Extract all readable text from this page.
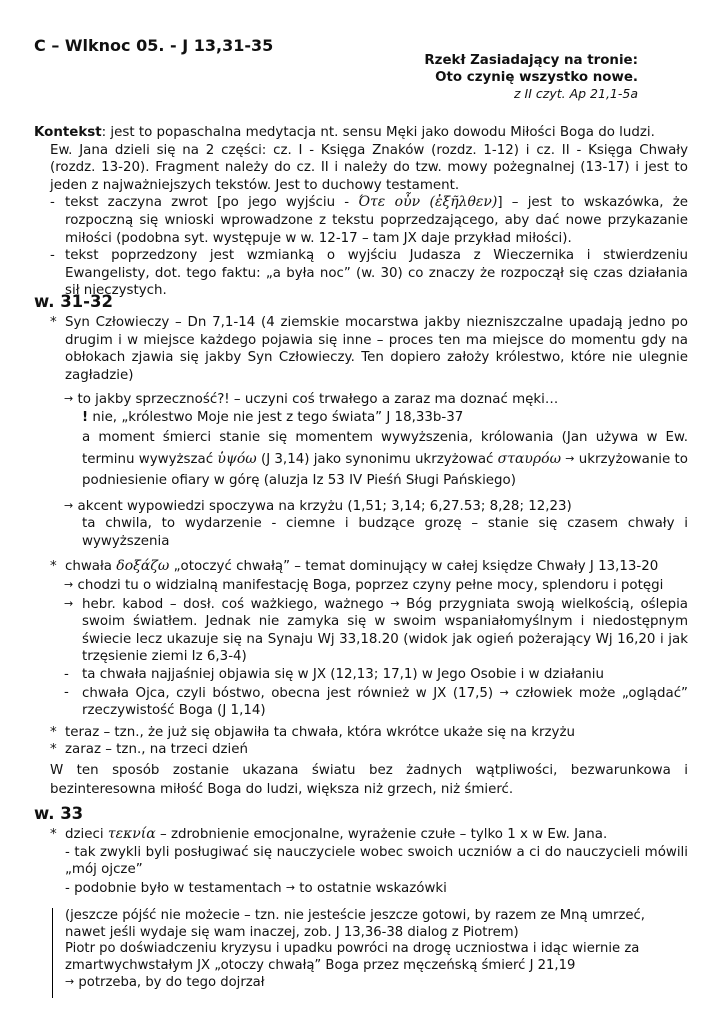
C – Wlknoc 05. - J 13,31-35
Rzekł Zasiadający na tronie:
Oto czynię wszystko nowe.
z II czyt. Ap 21,1-5a
Kontekst: jest to popaschalna medytacja nt. sensu Męki jako dowodu Miłości Boga do ludzi.
Ew. Jana dzieli się na 2 części: cz. I - Księga Znaków (rozdz. 1-12) i cz. II - Księga Chwały (rozdz. 13-20). Fragment należy do cz. II i należy do tzw. mowy pożegnalnej (13-17) i jest to jeden z najważniejszych tekstów. Jest to duchowy testament.
- tekst zaczyna zwrot [po jego wyjściu - Ότε οὖν (ἐξῆλθεν)] – jest to wskazówka, że rozpoczną się wnioski wprowadzone z tekstu poprzedzającego, aby dać nowe przykazanie miłości (podobna syt. występuje w w. 12-17 – tam JX daje przykład miłości).
- tekst poprzedzony jest wzmianką o wyjściu Judasza z Wieczernika i stwierdzeniu Ewangelisty, dot. tego faktu: „a była noc” (w. 30) co znaczy że rozpoczął się czas działania sił nieczystych.
w. 31-32
* Syn Człowieczy – Dn 7,1-14 (4 ziemskie mocarstwa jakby niezniszczalne upadają jedno po drugim i w miejsce każdego pojawia się inne – proces ten ma miejsce do momentu gdy na obłokach zjawia się jakby Syn Człowieczy. Ten dopiero założy królestwo, które nie ulegnie zagładzie)
→ to jakby sprzeczność?! – uczyni coś trwałego a zaraz ma doznać męki…
! nie, „królestwo Moje nie jest z tego świata” J 18,33b-37
a moment śmierci stanie się momentem wywyższenia, królowania (Jan używa w Ew. terminu wywyższać ὑψόω (J 3,14) jako synonimu ukrzyżować σταυρόω → ukrzyżowanie to podniesienie ofiary w górę (aluzja Iz 53 IV Pieśń Sługi Pańskiego)
→ akcent wypowiedzi spoczywa na krzyżu (1,51; 3,14; 6,27.53; 8,28; 12,23)
ta chwila, to wydarzenie - ciemne i budzące grozę – stanie się czasem chwały i wywyższenia
* chwała δοξάζω „otoczyć chwałą” – temat dominujący w całej księdze Chwały J 13,13-20
→ chodzi tu o widzialną manifestację Boga, poprzez czyny pełne mocy, splendoru i potęgi
→ hebr. kabod – dosł. coś ważkiego, ważnego → Bóg przygniata swoją wielkością, oślepia swoim światłem. Jednak nie zamyka się w swoim wspaniałomyślnym i niedostępnym świecie lecz ukazuje się na Synaju Wj 33,18.20 (widok jak ogień pożerający Wj 16,20 i jak trzęsienie ziemi Iz 6,3-4)
- ta chwała najjaśniej objawia się w JX (12,13; 17,1) w Jego Osobie i w działaniu
- chwała Ojca, czyli bóstwo, obecna jest również w JX (17,5) → człowiek może „oglądać” rzeczywistość Boga (J 1,14)
* teraz – tzn., że już się objawiła ta chwała, która wkrótce ukaże się na krzyżu
* zaraz – tzn., na trzeci dzień
W ten sposób zostanie ukazana światu bez żadnych wątpliwości, bezwarunkowa i bezinteresowna miłość Boga do ludzi, większa niż grzech, niż śmierć.
w. 33
* dzieci τεκνία – zdrobnienie emocjonalne, wyrażenie czułe – tylko 1 x w Ew. Jana.
- tak zwykli byli posługiwać się nauczyciele wobec swoich uczniów a ci do nauczycieli mówili „mój ojcze”
- podobnie było w testamentach → to ostatnie wskazówki
(jeszcze pójść nie możecie – tzn. nie jesteście jeszcze gotowi, by razem ze Mną umrzeć, nawet jeśli wydaje się wam inaczej, zob. J 13,36-38 dialog z Piotrem)
Piotr po doświadczeniu kryzysu i upadku powróci na drogę uczniostwa i idąc wiernie za zmartwychwstałym JX „otoczy chwałą” Boga przez męczeńską śmierć J 21,19
→ potrzeba, by do tego dojrzał
